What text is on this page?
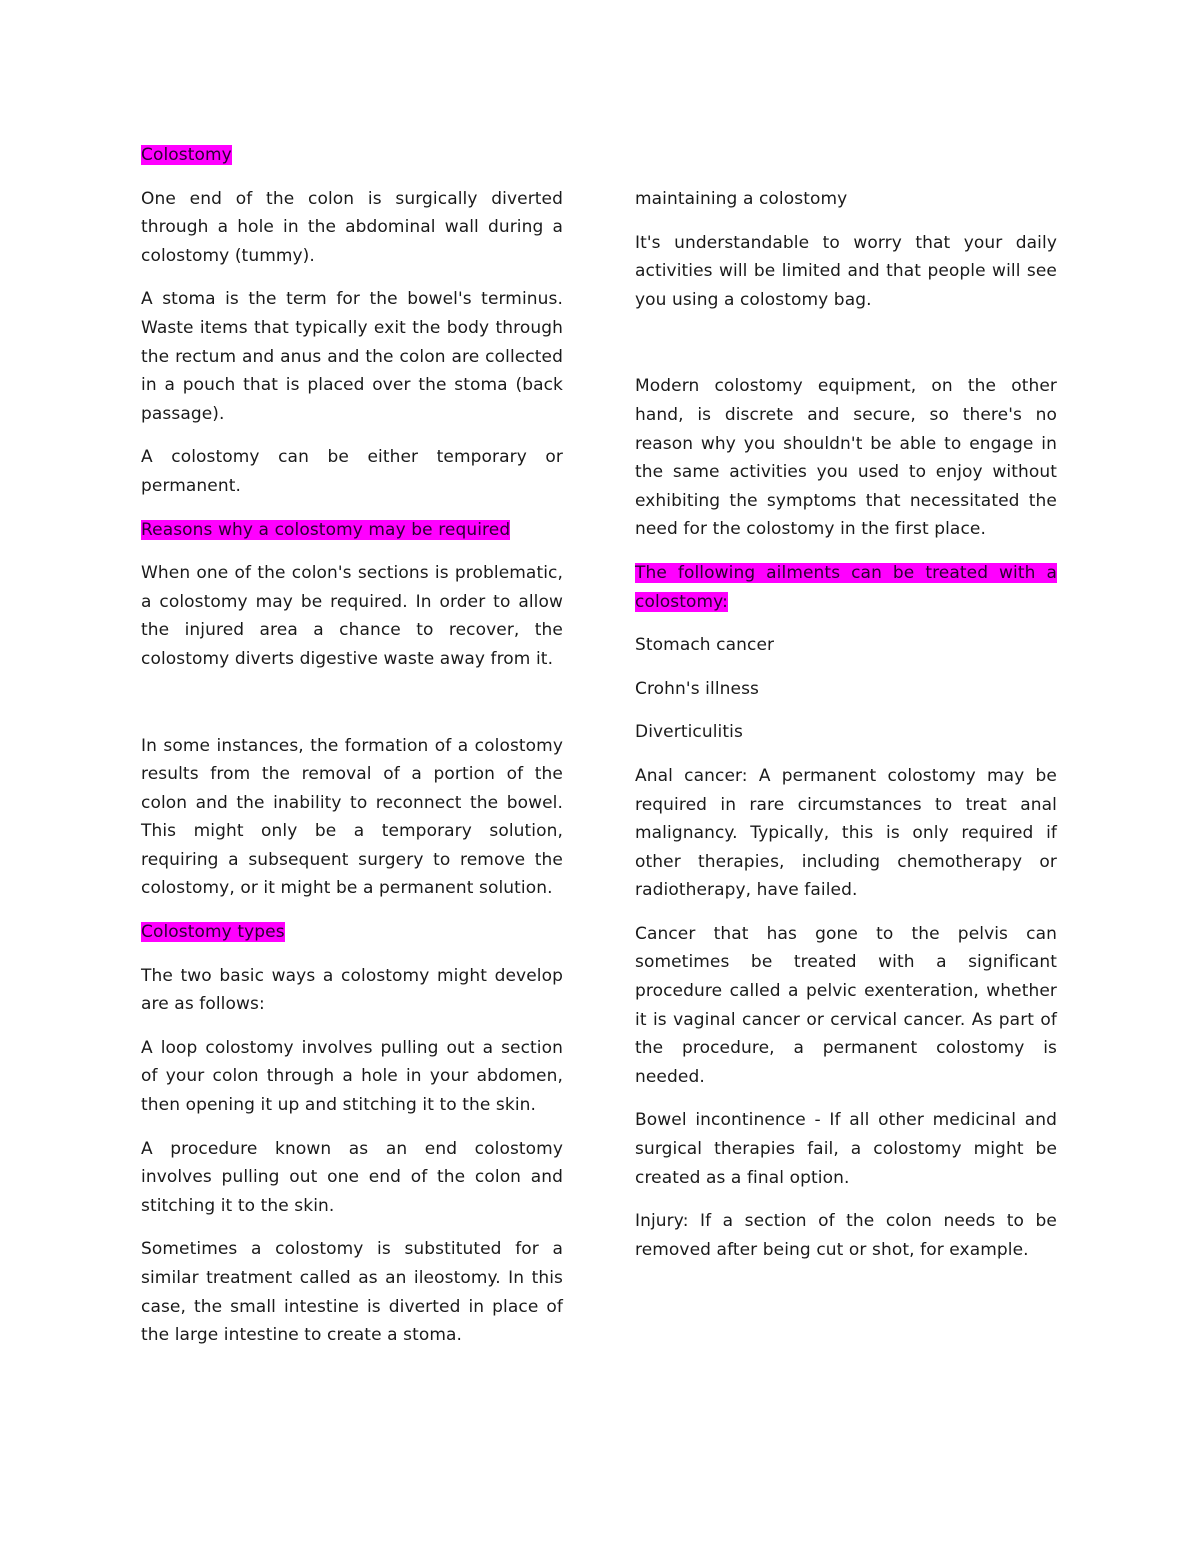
Colostomy

One end of the colon is surgically diverted through a hole in the abdominal wall during a colostomy (tummy).

A stoma is the term for the bowel's terminus. Waste items that typically exit the body through the rectum and anus and the colon are collected in a pouch that is placed over the stoma (back passage).

A colostomy can be either temporary or permanent.

Reasons why a colostomy may be required

When one of the colon's sections is problematic, a colostomy may be required. In order to allow the injured area a chance to recover, the colostomy diverts digestive waste away from it.

In some instances, the formation of a colostomy results from the removal of a portion of the colon and the inability to reconnect the bowel. This might only be a temporary solution, requiring a subsequent surgery to remove the colostomy, or it might be a permanent solution.

Colostomy types

The two basic ways a colostomy might develop are as follows:

A loop colostomy involves pulling out a section of your colon through a hole in your abdomen, then opening it up and stitching it to the skin.

A procedure known as an end colostomy involves pulling out one end of the colon and stitching it to the skin.

Sometimes a colostomy is substituted for a similar treatment called as an ileostomy. In this case, the small intestine is diverted in place of the large intestine to create a stoma.

maintaining a colostomy

It's understandable to worry that your daily activities will be limited and that people will see you using a colostomy bag.

Modern colostomy equipment, on the other hand, is discrete and secure, so there's no reason why you shouldn't be able to engage in the same activities you used to enjoy without exhibiting the symptoms that necessitated the need for the colostomy in the first place.

The following ailments can be treated with a colostomy:

Stomach cancer

Crohn's illness

Diverticulitis

Anal cancer: A permanent colostomy may be required in rare circumstances to treat anal malignancy. Typically, this is only required if other therapies, including chemotherapy or radiotherapy, have failed.

Cancer that has gone to the pelvis can sometimes be treated with a significant procedure called a pelvic exenteration, whether it is vaginal cancer or cervical cancer. As part of the procedure, a permanent colostomy is needed.

Bowel incontinence - If all other medicinal and surgical therapies fail, a colostomy might be created as a final option.

Injury: If a section of the colon needs to be removed after being cut or shot, for example.
